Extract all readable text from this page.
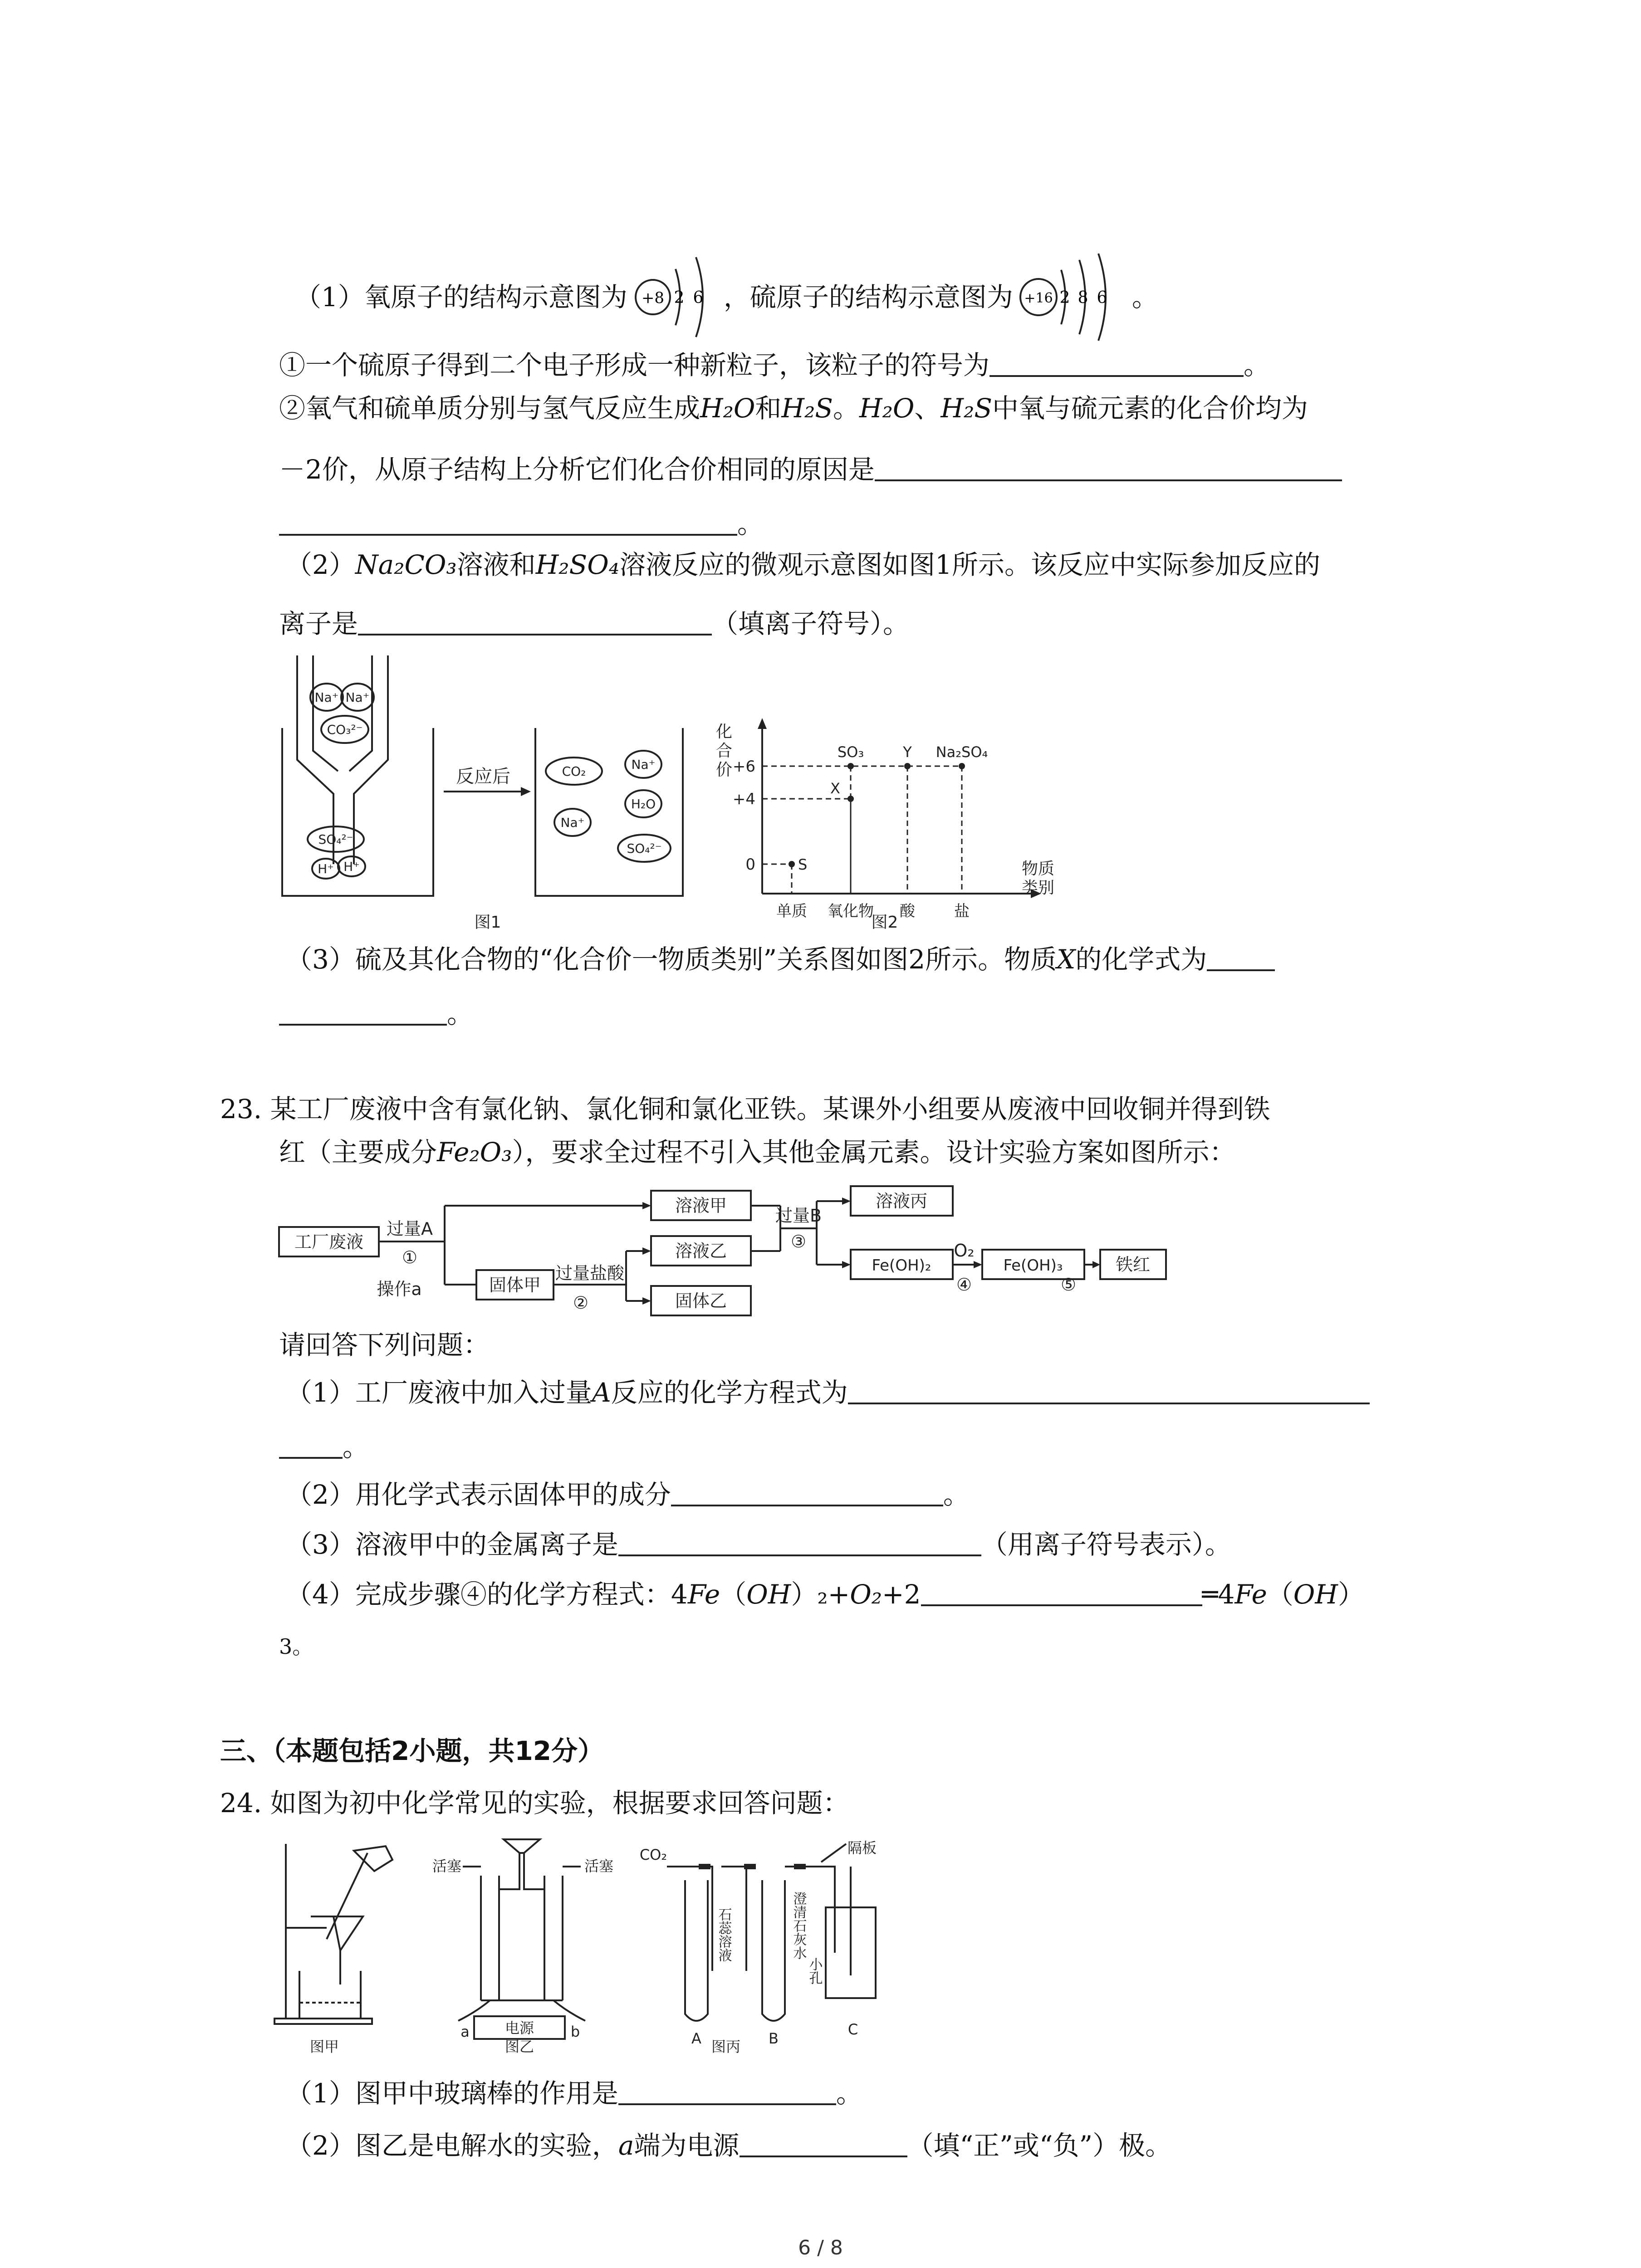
（1）氧原子的结构示意图为 +8 2 6 ，硫原子的结构示意图为 +16 2 8 6 。
①一个硫原子得到二个电子形成一种新粒子，该粒子的符号为	。
②氧气和硫单质分别与氢气反应生成H₂O和H₂S。H₂O、H₂S中氧与硫元素的化合价均为
－2价，从原子结构上分析它们化合价相同的原因是
。
（2）Na₂CO₃溶液和H₂SO₄溶液反应的微观示意图如图1所示。该反应中实际参加反应的
离子是	（填离子符号）。
Na⁺ Na⁺
CO₃²⁻
SO₄²⁻
H⁺ H⁺
反应后	CO₂	Na⁺
H₂O
Na⁺
SO₄²⁻
图1
化
合
价 +6
+4
0
单质 氧化物 酸	盐
S
X
SO₃	Y Na₂SO₄
物质
类别
图2
（3）硫及其化合物的“化合价一物质类别”关系图如图2所示。物质X的化学式为
。
23. 某工厂废液中含有氯化钠、氯化铜和氯化亚铁。某课外小组要从废液中回收铜并得到铁
红（主要成分Fe₂O₃），要求全过程不引入其他金属元素。设计实验方案如图所示：
工厂废液
过量A
①
操作a
溶液甲
固体甲
过量盐酸
②
溶液乙
固体乙
过量B
③
溶液丙
Fe(OH)₂
O₂
④
Fe(OH)₃
⑤
铁红
请回答下列问题：
（1）工厂废液中加入过量A反应的化学方程式为
。
（2）用化学式表示固体甲的成分	。
（3）溶液甲中的金属离子是	（用离子符号表示）。
（4）完成步骤④的化学方程式：4Fe（OH）₂+O₂+2	═4Fe（OH）
3。
三、（本题包括2小题，共12分）
24. 如图为初中化学常见的实验，根据要求回答问题：
图甲	图乙	图丙
活塞	活塞
电源
a	b
CO₂
A	B
C
隔板
石蕊溶液	澄清石灰水
小孔
（1）图甲中玻璃棒的作用是	。
（2）图乙是电解水的实验，a端为电源	（填“正”或“负”）极。
6 / 8
